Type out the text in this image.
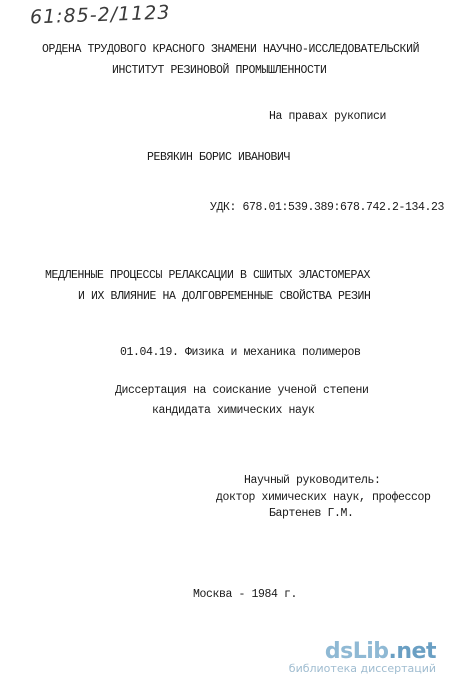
61:85-2/1123
ОРДЕНА ТРУДОВОГО КРАСНОГО ЗНАМЕНИ НАУЧНО-ИССЛЕДОВАТЕЛЬСКИЙ
ИНСТИТУТ РЕЗИНОВОЙ ПРОМЫШЛЕННОСТИ
На правах рукописи
РЕВЯКИН БОРИС ИВАНОВИЧ
УДК: 678.01:539.389:678.742.2-134.23
МЕДЛЕННЫЕ ПРОЦЕССЫ РЕЛАКСАЦИИ В СШИТЫХ ЭЛАСТОМЕРАХ
И ИХ ВЛИЯНИЕ НА ДОЛГОВРЕМЕННЫЕ СВОЙСТВА РЕЗИН
01.04.19. Физика и механика полимеров
Диссертация на соискание ученой степени
кандидата химических наук
Научный руководитель:
доктор химических наук, профессор
Бартенев Г.М.
Москва - 1984 г.
dsLib .net
библиотека диссертаций
